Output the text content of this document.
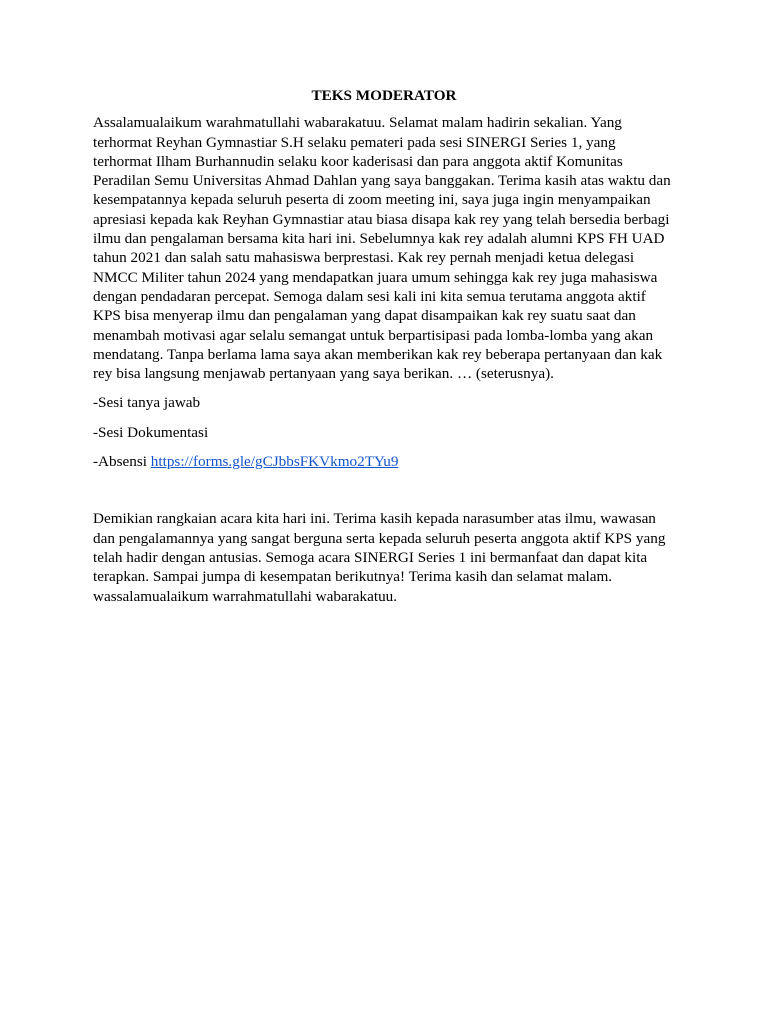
TEKS MODERATOR

Assalamualaikum warahmatullahi wabarakatuu. Selamat malam hadirin sekalian. Yang terhormat Reyhan Gymnastiar S.H selaku pemateri pada sesi SINERGI Series 1, yang terhormat Ilham Burhannudin selaku koor kaderisasi dan para anggota aktif Komunitas Peradilan Semu Universitas Ahmad Dahlan yang saya banggakan. Terima kasih atas waktu dan kesempatannya kepada seluruh peserta di zoom meeting ini, saya juga ingin menyampaikan apresiasi kepada kak Reyhan Gymnastiar atau biasa disapa kak rey yang telah bersedia berbagi ilmu dan pengalaman bersama kita hari ini. Sebelumnya kak rey adalah alumni KPS FH UAD tahun 2021 dan salah satu mahasiswa berprestasi. Kak rey pernah menjadi ketua delegasi NMCC Militer tahun 2024 yang mendapatkan juara umum sehingga kak rey juga mahasiswa dengan pendadaran percepat. Semoga dalam sesi kali ini kita semua terutama anggota aktif KPS bisa menyerap ilmu dan pengalaman yang dapat disampaikan kak rey suatu saat dan menambah motivasi agar selalu semangat untuk berpartisipasi pada lomba-lomba yang akan mendatang. Tanpa berlama lama saya akan memberikan kak rey beberapa pertanyaan dan kak rey bisa langsung menjawab pertanyaan yang saya berikan. … (seterusnya).

-Sesi tanya jawab

-Sesi Dokumentasi

-Absensi https://forms.gle/gCJbbsFKVkmo2TYu9

Demikian rangkaian acara kita hari ini. Terima kasih kepada narasumber atas ilmu, wawasan dan pengalamannya yang sangat berguna serta kepada seluruh peserta anggota aktif KPS yang telah hadir dengan antusias. Semoga acara SINERGI Series 1 ini bermanfaat dan dapat kita terapkan. Sampai jumpa di kesempatan berikutnya! Terima kasih dan selamat malam. wassalamualaikum warrahmatullahi wabarakatuu.
